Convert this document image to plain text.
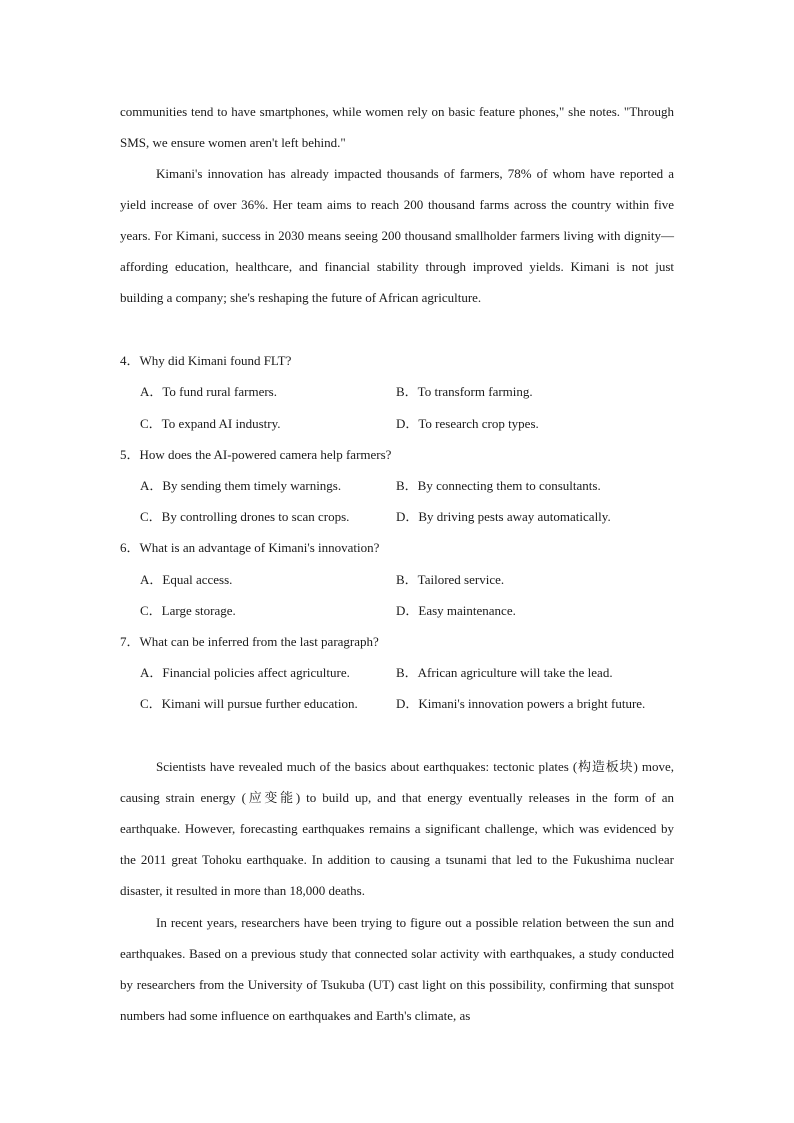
communities tend to have smartphones, while women rely on basic feature phones," she notes. "Through SMS, we ensure women aren't left behind."

Kimani's innovation has already impacted thousands of farmers, 78% of whom have reported a yield increase of over 36%. Her team aims to reach 200 thousand farms across the country within five years. For Kimani, success in 2030 means seeing 200 thousand smallholder farmers living with dignity—affording education, healthcare, and financial stability through improved yields. Kimani is not just building a company; she's reshaping the future of African agriculture.

4．Why did Kimani found FLT?

A．To fund rural farmers.	B．To transform farming.

C．To expand AI industry.	D．To research crop types.

5．How does the AI-powered camera help farmers?

A．By sending them timely warnings.	B．By connecting them to consultants.

C．By controlling drones to scan crops.	D．By driving pests away automatically.

6．What is an advantage of Kimani's innovation?

A．Equal access.	B．Tailored service.

C．Large storage.	D．Easy maintenance.

7．What can be inferred from the last paragraph?

A．Financial policies affect agriculture.	B．African agriculture will take the lead.

C．Kimani will pursue further education.	D．Kimani's innovation powers a bright future.

Scientists have revealed much of the basics about earthquakes: tectonic plates (构造板块) move, causing strain energy (应变能) to build up, and that energy eventually releases in the form of an earthquake. However, forecasting earthquakes remains a significant challenge, which was evidenced by the 2011 great Tohoku earthquake. In addition to causing a tsunami that led to the Fukushima nuclear disaster, it resulted in more than 18,000 deaths.

In recent years, researchers have been trying to figure out a possible relation between the sun and earthquakes. Based on a previous study that connected solar activity with earthquakes, a study conducted by researchers from the University of Tsukuba (UT) cast light on this possibility, confirming that sunspot numbers had some influence on earthquakes and Earth's climate, as
